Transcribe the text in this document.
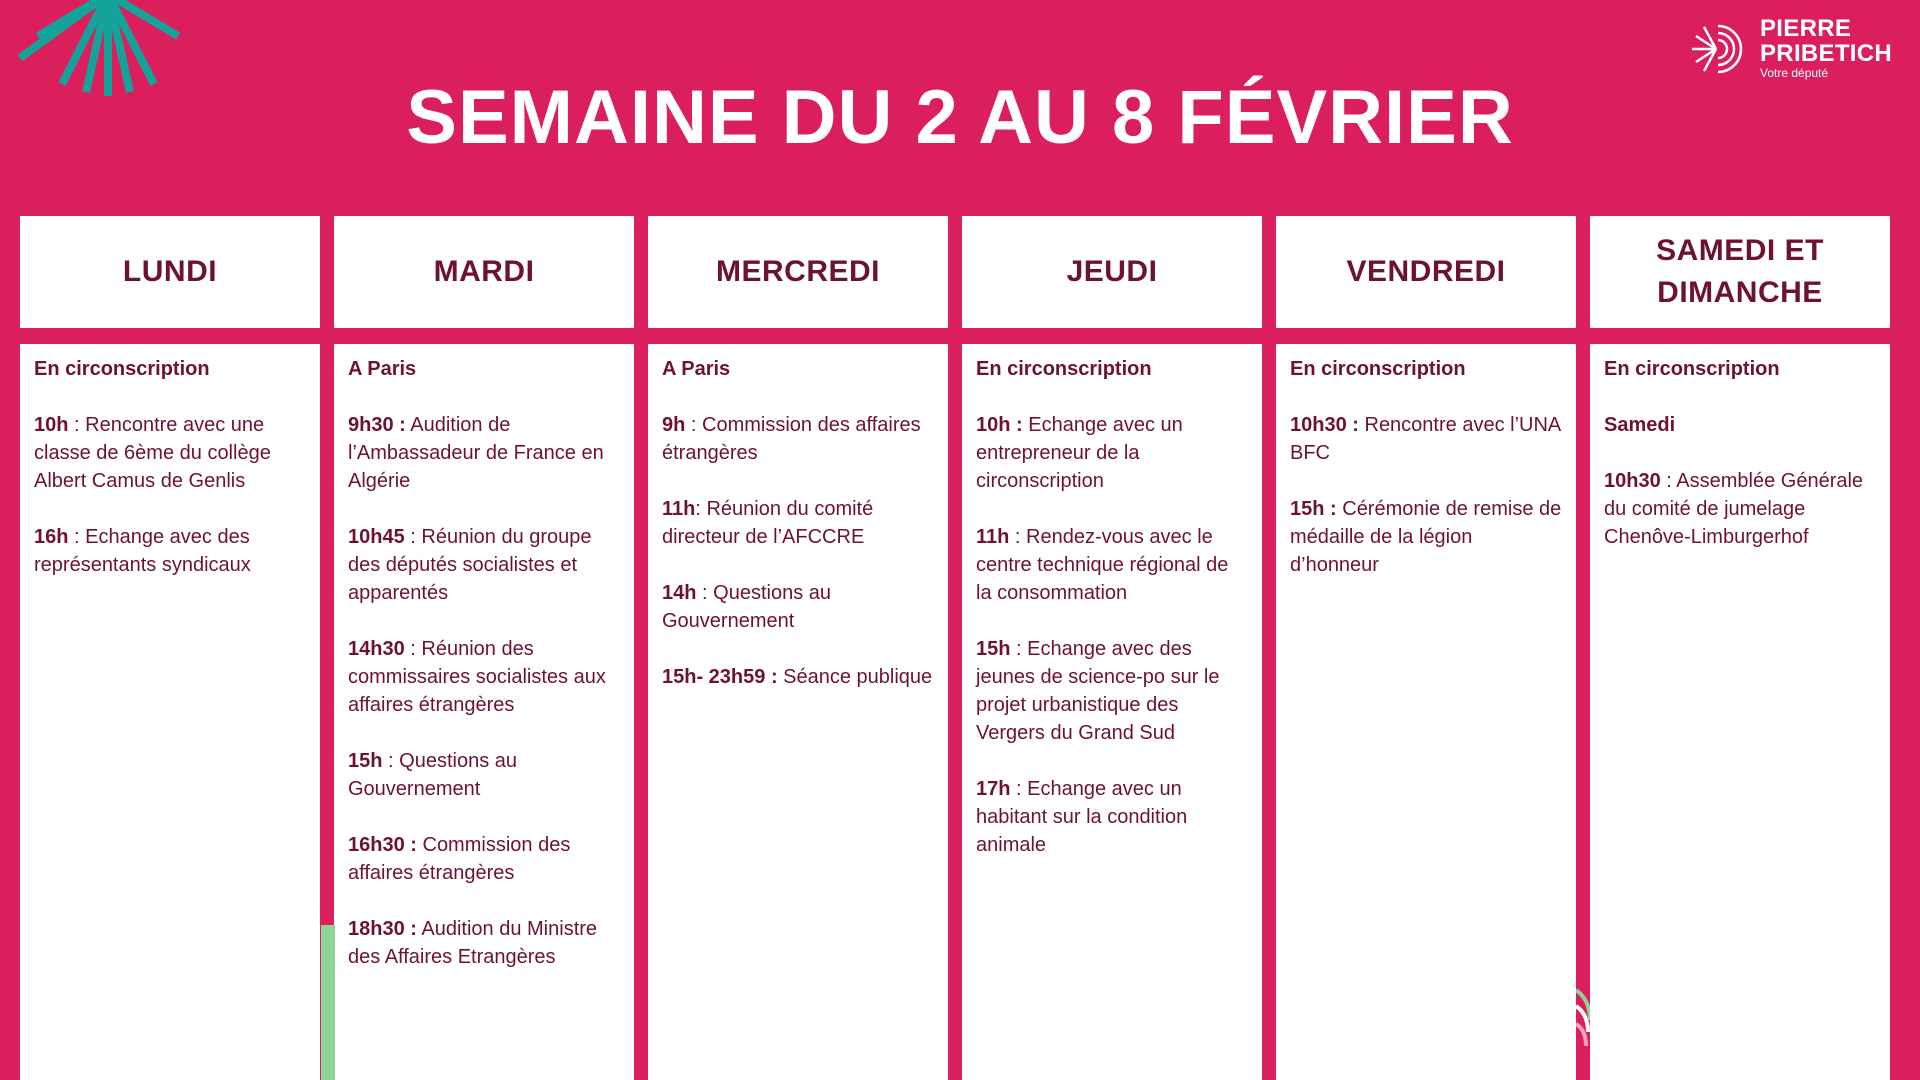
PIERRE
PRIBETICH
Votre député
SEMAINE DU 2 AU 8 FÉVRIER
LUNDI
En circonscription
10h : Rencontre avec une classe de 6ème du collège Albert Camus de Genlis
16h : Echange avec des représentants syndicaux
MARDI
A Paris
9h30 : Audition de l’Ambassadeur de France en Algérie
10h45 : Réunion du groupe des députés socialistes et apparentés
14h30 : Réunion des commissaires socialistes aux affaires étrangères
15h : Questions au Gouvernement
16h30 : Commission des affaires étrangères
18h30 : Audition du Ministre des Affaires Etrangères
MERCREDI
A Paris
9h : Commission des affaires étrangères
11h: Réunion du comité directeur de l’AFCCRE
14h : Questions au Gouvernement
15h- 23h59 : Séance publique
JEUDI
En circonscription
10h : Echange avec un entrepreneur de la circonscription
11h : Rendez-vous avec le centre technique régional de la consommation
15h : Echange avec des jeunes de science-po sur le projet urbanistique des Vergers du Grand Sud
17h : Echange avec un habitant sur la condition animale
VENDREDI
En circonscription
10h30 : Rencontre avec l’UNA BFC
15h : Cérémonie de remise de médaille de la légion d’honneur
SAMEDI ET
DIMANCHE
En circonscription
Samedi
10h30 : Assemblée Générale du comité de jumelage Chenôve-Limburgerhof
